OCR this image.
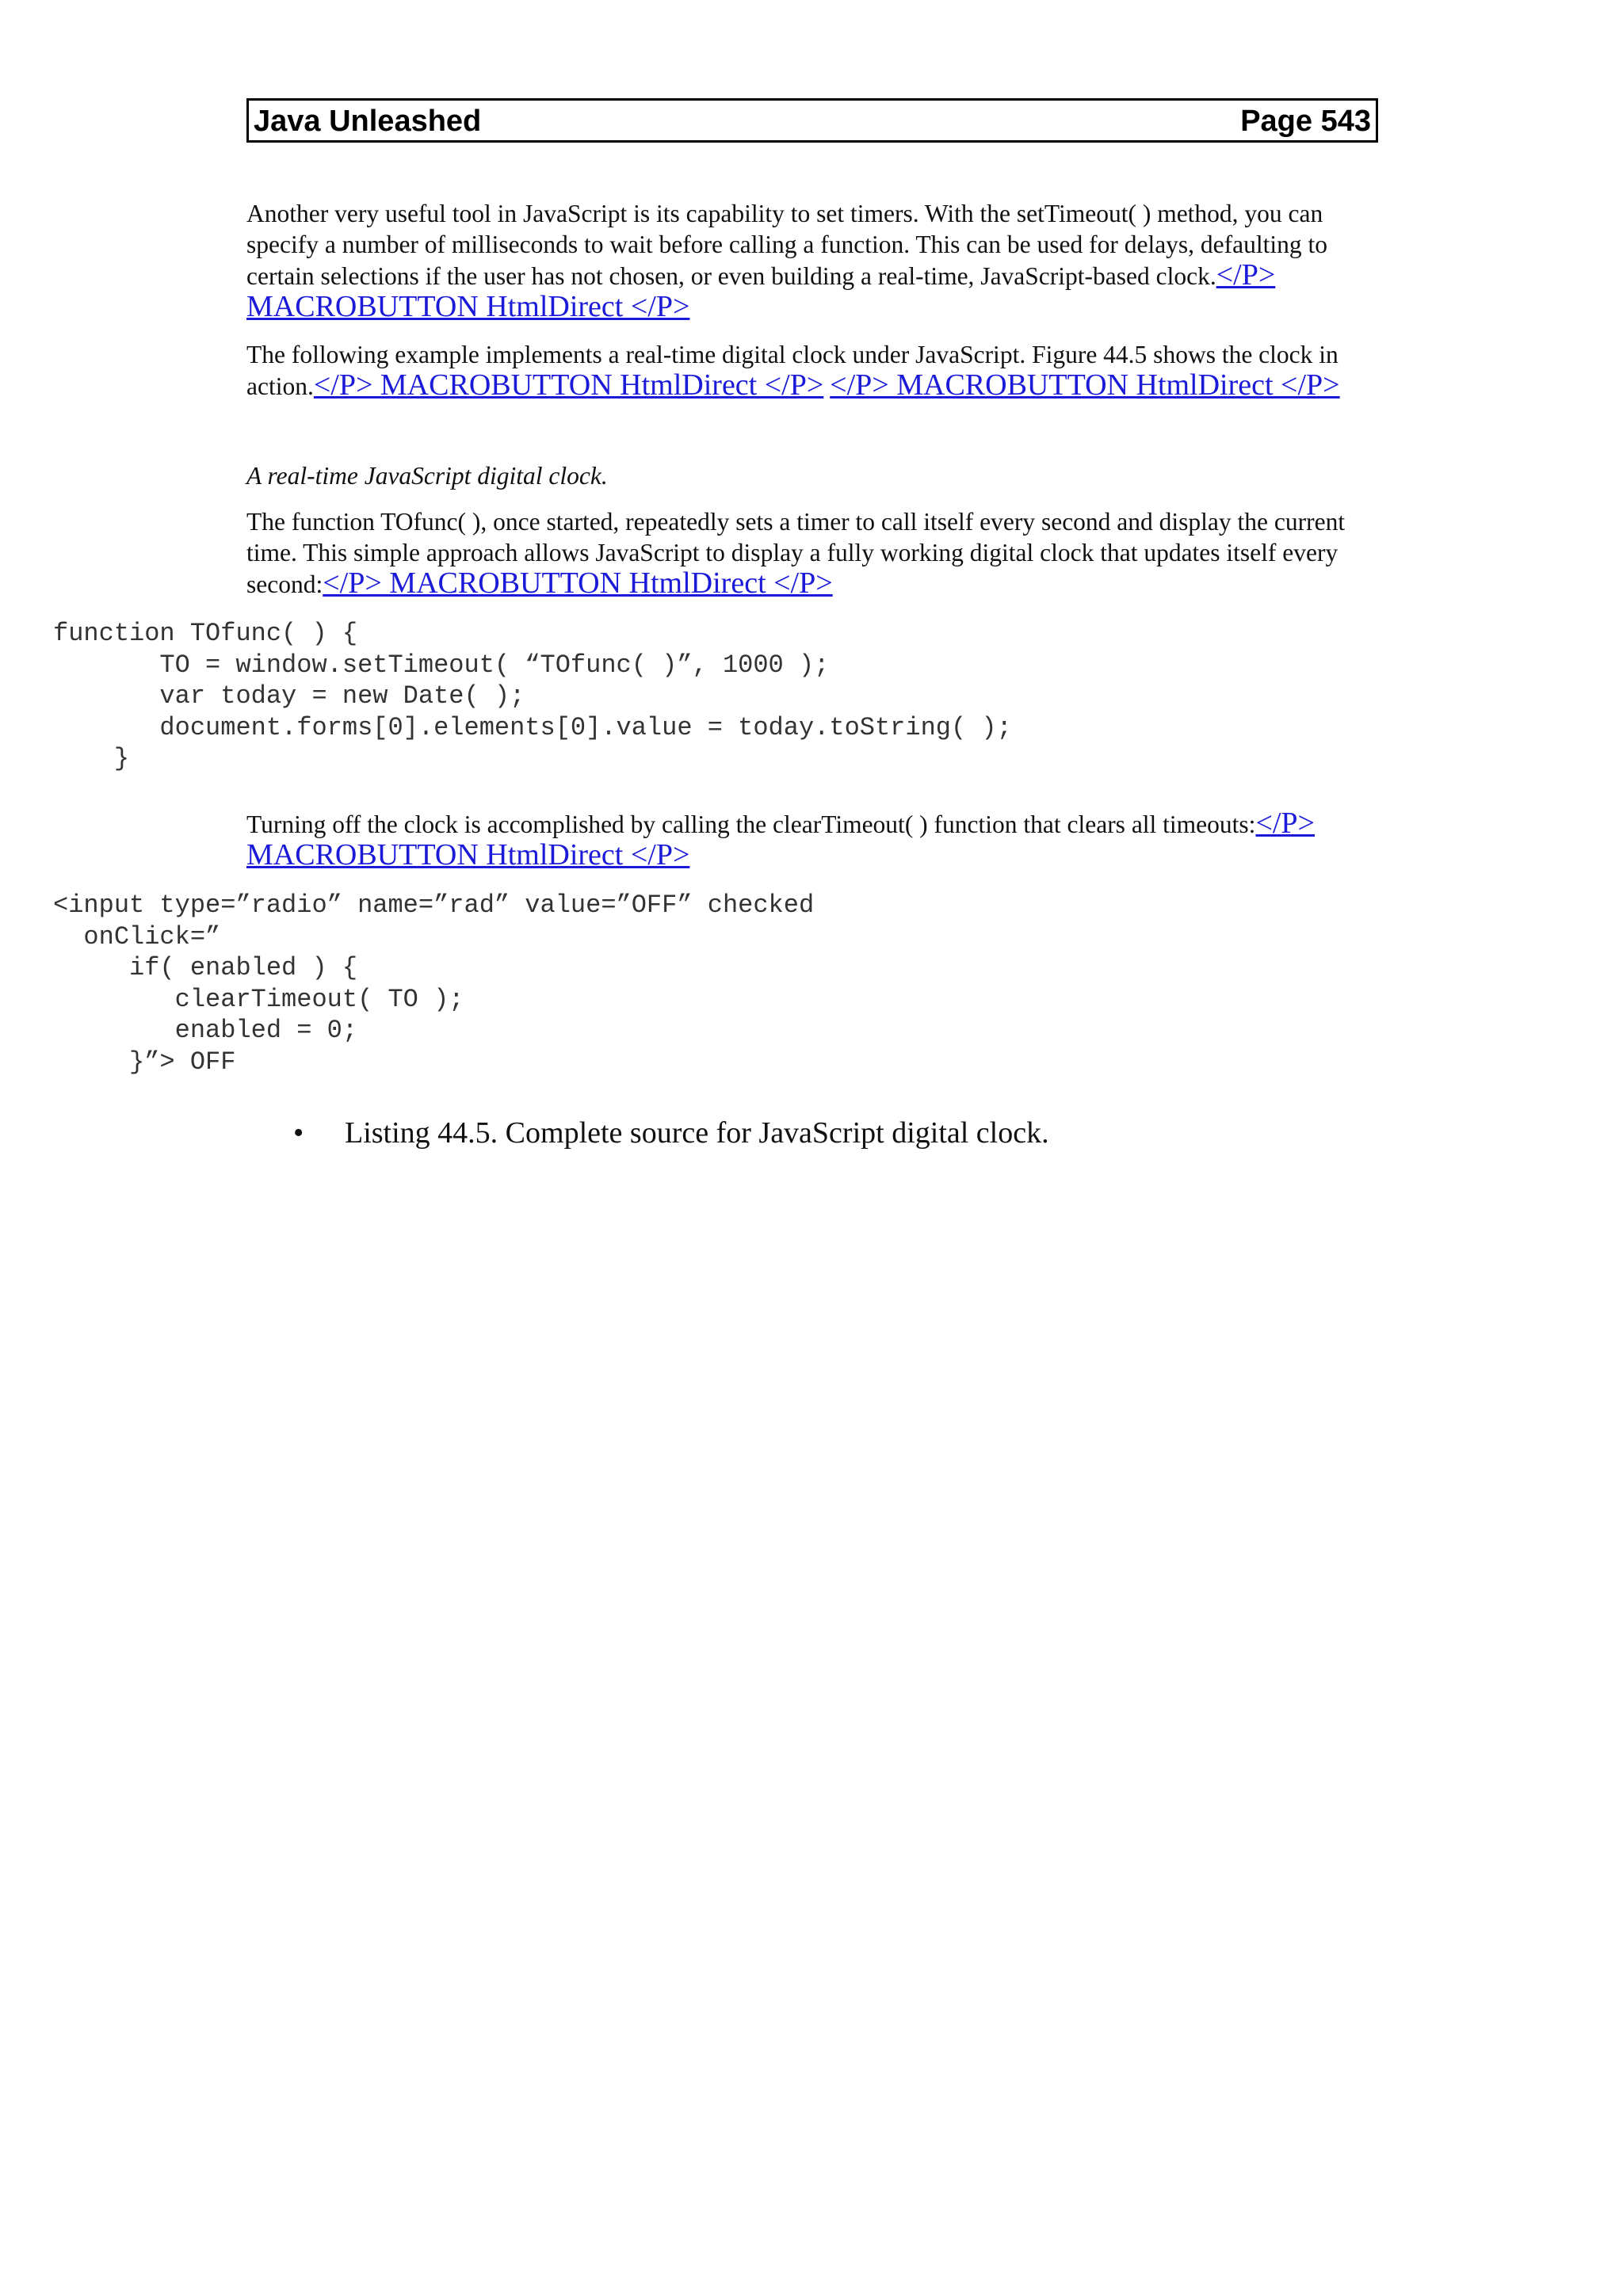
Java Unleashed	Page 543

Another very useful tool in JavaScript is its capability to set timers. With the setTimeout( ) method, you can specify a number of milliseconds to wait before calling a function. This can be used for delays, defaulting to certain selections if the user has not chosen, or even building a real-time, JavaScript-based clock.</P> MACROBUTTON HtmlDirect </P>

The following example implements a real-time digital clock under JavaScript. Figure 44.5 shows the clock in action.</P> MACROBUTTON HtmlDirect </P> </P> MACROBUTTON HtmlDirect </P>

A real-time JavaScript digital clock.

The function TOfunc( ), once started, repeatedly sets a timer to call itself every second and display the current time. This simple approach allows JavaScript to display a fully working digital clock that updates itself every second:</P> MACROBUTTON HtmlDirect </P>

function TOfunc( ) {
TO = window.setTimeout( “TOfunc( )”, 1000 );
var today = new Date( );
document.forms[0].elements[0].value = today.toString( );
}

Turning off the clock is accomplished by calling the clearTimeout( ) function that clears all timeouts:</P> MACROBUTTON HtmlDirect </P>

<input type=”radio” name=”rad” value=”OFF” checked
onClick=”
if( enabled ) {
clearTimeout( TO );
enabled = 0;
}”> OFF
• Listing 44.5. Complete source for JavaScript digital clock.
